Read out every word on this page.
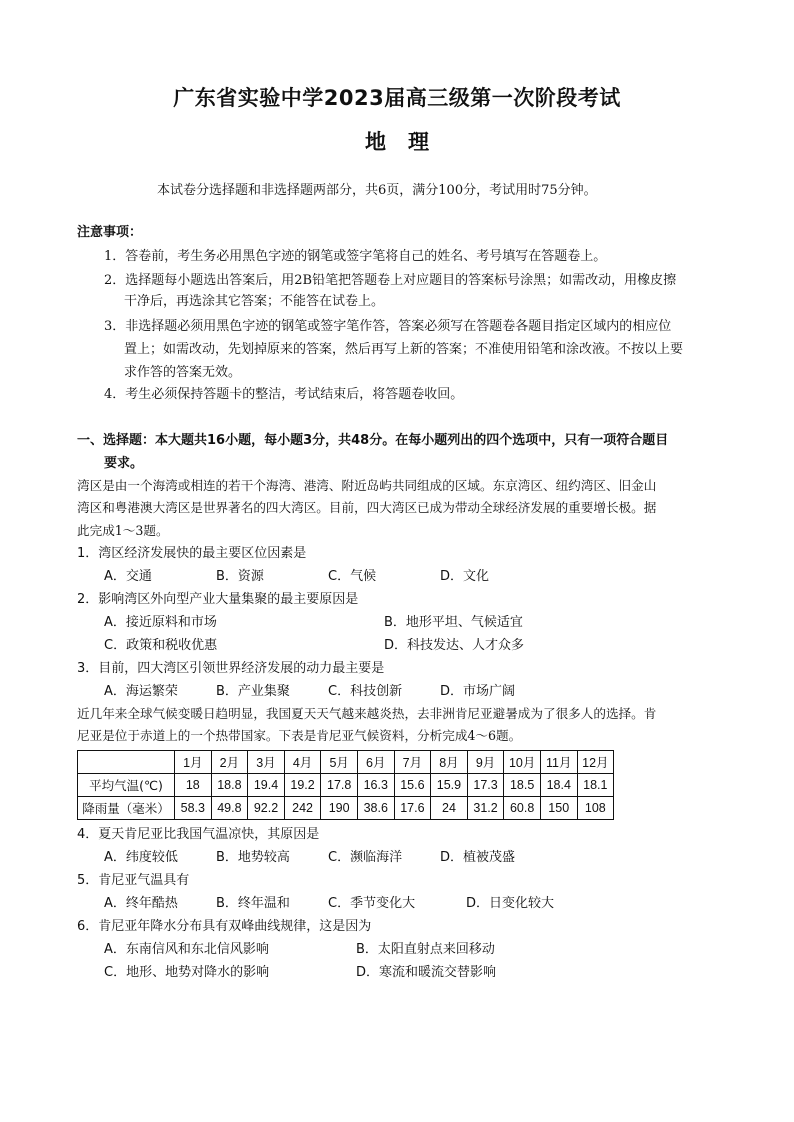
广东省实验中学2023届高三级第一次阶段考试
地理
本试卷分选择题和非选择题两部分，共6页，满分100分，考试用时75分钟。
注意事项：
1．答卷前，考生务必用黑色字迹的钢笔或签字笔将自己的姓名、考号填写在答题卷上。
2．选择题每小题选出答案后，用2B铅笔把答题卷上对应题目的答案标号涂黑；如需改动，用橡皮擦
干净后，再选涂其它答案；不能答在试卷上。
3．非选择题必须用黑色字迹的钢笔或签字笔作答，答案必须写在答题卷各题目指定区域内的相应位
置上；如需改动，先划掉原来的答案，然后再写上新的答案；不准使用铅笔和涂改液。不按以上要
求作答的答案无效。
4．考生必须保持答题卡的整洁，考试结束后，将答题卷收回。
一、选择题：本大题共16小题，每小题3分，共48分。在每小题列出的四个选项中，只有一项符合题目
要求。
湾区是由一个海湾或相连的若干个海湾、港湾、附近岛屿共同组成的区域。东京湾区、纽约湾区、旧金山
湾区和粤港澳大湾区是世界著名的四大湾区。目前，四大湾区已成为带动全球经济发展的重要增长极。据
此完成1～3题。
1．湾区经济发展快的最主要区位因素是
A．交通	B．资源	C．气候	D．文化
2．影响湾区外向型产业大量集聚的最主要原因是
A．接近原料和市场	B．地形平坦、气候适宜
C．政策和税收优惠	D．科技发达、人才众多
3．目前，四大湾区引领世界经济发展的动力最主要是
A．海运繁荣	B．产业集聚	C．科技创新	D．市场广阔
近几年来全球气候变暖日趋明显，我国夏天天气越来越炎热，去非洲肯尼亚避暑成为了很多人的选择。肯
尼亚是位于赤道上的一个热带国家。下表是肯尼亚气候资料，分析完成4～6题。
	1月	2月	3月	4月	5月	6月	7月	8月	9月	10月	11月	12月
平均气温(℃)	18	18.8	19.4	19.2	17.8	16.3	15.6	15.9	17.3	18.5	18.4	18.1
降雨量（毫米）	58.3	49.8	92.2	242	190	38.6	17.6	24	31.2	60.8	150	108
4．夏天肯尼亚比我国气温凉快，其原因是
A．纬度较低	B．地势较高	C．濒临海洋	D．植被茂盛
5．肯尼亚气温具有
A．终年酷热	B．终年温和	C．季节变化大	D．日变化较大
6．肯尼亚年降水分布具有双峰曲线规律，这是因为
A．东南信风和东北信风影响	B．太阳直射点来回移动
C．地形、地势对降水的影响	D．寒流和暖流交替影响
